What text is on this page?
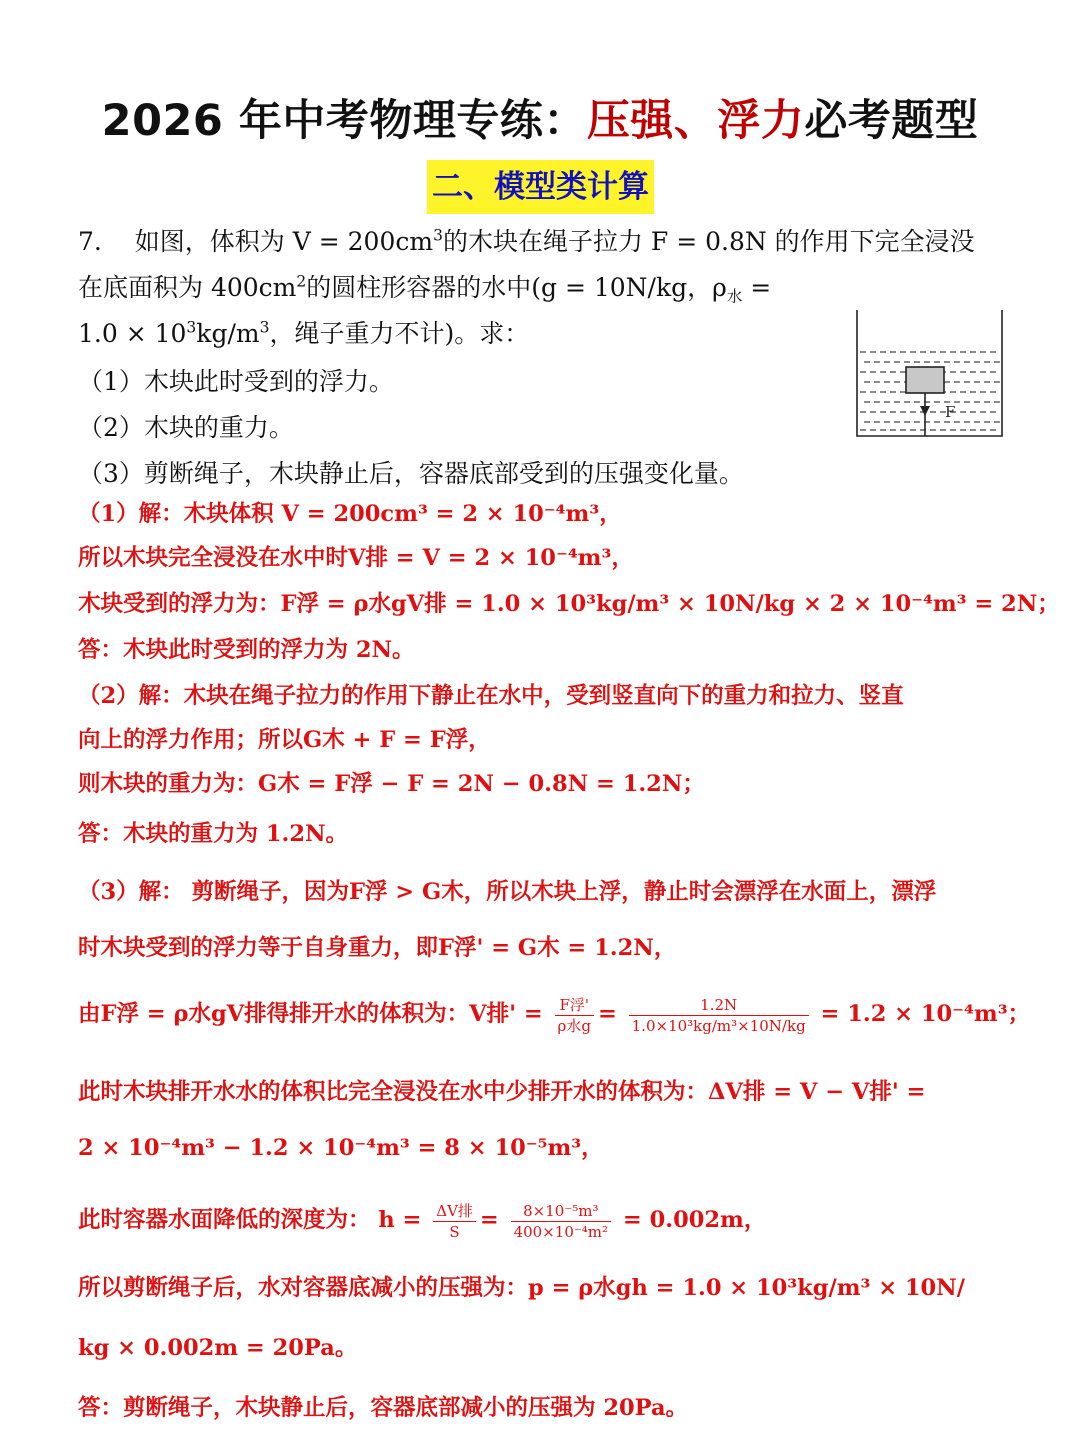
2026 年中考物理专练：压强、浮力必考题型
二、模型类计算
7.　 如图，体积为 $V = 200cm^3$的木块在绳子拉力 F = 0.8N 的作用下完全浸没
在底面积为 $400cm^2$的圆柱形容器的水中(g = 10N/kg，$\rho_水$ =
$1.0 \times 10^3kg/m^3$，绳子重力不计)。求：
（1）木块此时受到的浮力。
（2）木块的重力。
（3）剪断绳子，木块静止后，容器底部受到的压强变化量。
F
（1）解：木块体积 V = 200cm³ = 2 × 10⁻⁴m³，
所以木块完全浸没在水中时V排 = V = 2 × 10⁻⁴m³，
木块受到的浮力为：F浮 = ρ水gV排 = 1.0 × 10³kg/m³ × 10N/kg × 2 × 10⁻⁴m³ = 2N；
答：木块此时受到的浮力为 2N。
（2）解：木块在绳子拉力的作用下静止在水中，受到竖直向下的重力和拉力、竖直
向上的浮力作用；所以G木 + F = F浮，
则木块的重力为：G木 = F浮 − F = 2N − 0.8N = 1.2N；
答：木块的重力为 1.2N。
（3）解： 剪断绳子，因为F浮 > G木，所以木块上浮，静止时会漂浮在水面上，漂浮
时木块受到的浮力等于自身重力，即F浮' = G木 = 1.2N，
由F浮 = ρ水gV排得排开水的体积为：V排' = $\frac{\text{F浮'}}{\text{ρ水g}} = \frac{1.2N}{\text{1.0×10³kg/m³×10N/kg}} = 1.2 \times 10^{-4}m^3$；
此时木块排开水水的体积比完全浸没在水中少排开水的体积为：ΔV排 = V − V排' =
2 × 10⁻⁴m³ − 1.2 × 10⁻⁴m³ = 8 × 10⁻⁵m³，
此时容器水面降低的深度为： $h = \frac{\text{ΔV排}}{S} = \frac{\text{8×10⁻⁵m³}}{\text{400×10⁻⁴m²}} = 0.002m$，
所以剪断绳子后，水对容器底减小的压强为：p = ρ水gh = 1.0 × 10³kg/m³ × 10N/
kg × 0.002m = 20Pa。
答：剪断绳子，木块静止后，容器底部减小的压强为 20Pa。
